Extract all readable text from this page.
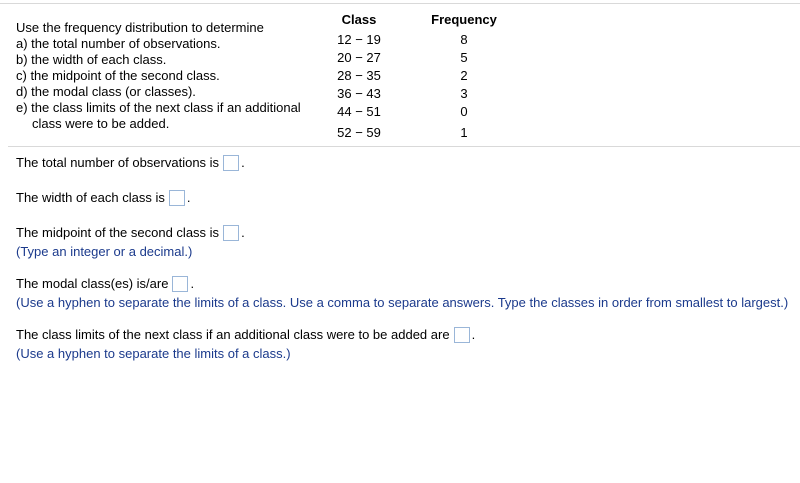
Use the frequency distribution to determine
a) the total number of observations.
b) the width of each class.
c) the midpoint of the second class.
d) the modal class (or classes).
e) the class limits of the next class if an additional
class were to be added.
Class	Frequency
12 − 19	8
20 − 27	5
28 − 35	2
36 − 43	3
44 − 51	0
52 − 59	1
The total number of observations is .
The width of each class is .
The midpoint of the second class is .
(Type an integer or a decimal.)
The modal class(es) is/are .
(Use a hyphen to separate the limits of a class. Use a comma to separate answers. Type the classes in order from smallest to largest.)
The class limits of the next class if an additional class were to be added are .
(Use a hyphen to separate the limits of a class.)
